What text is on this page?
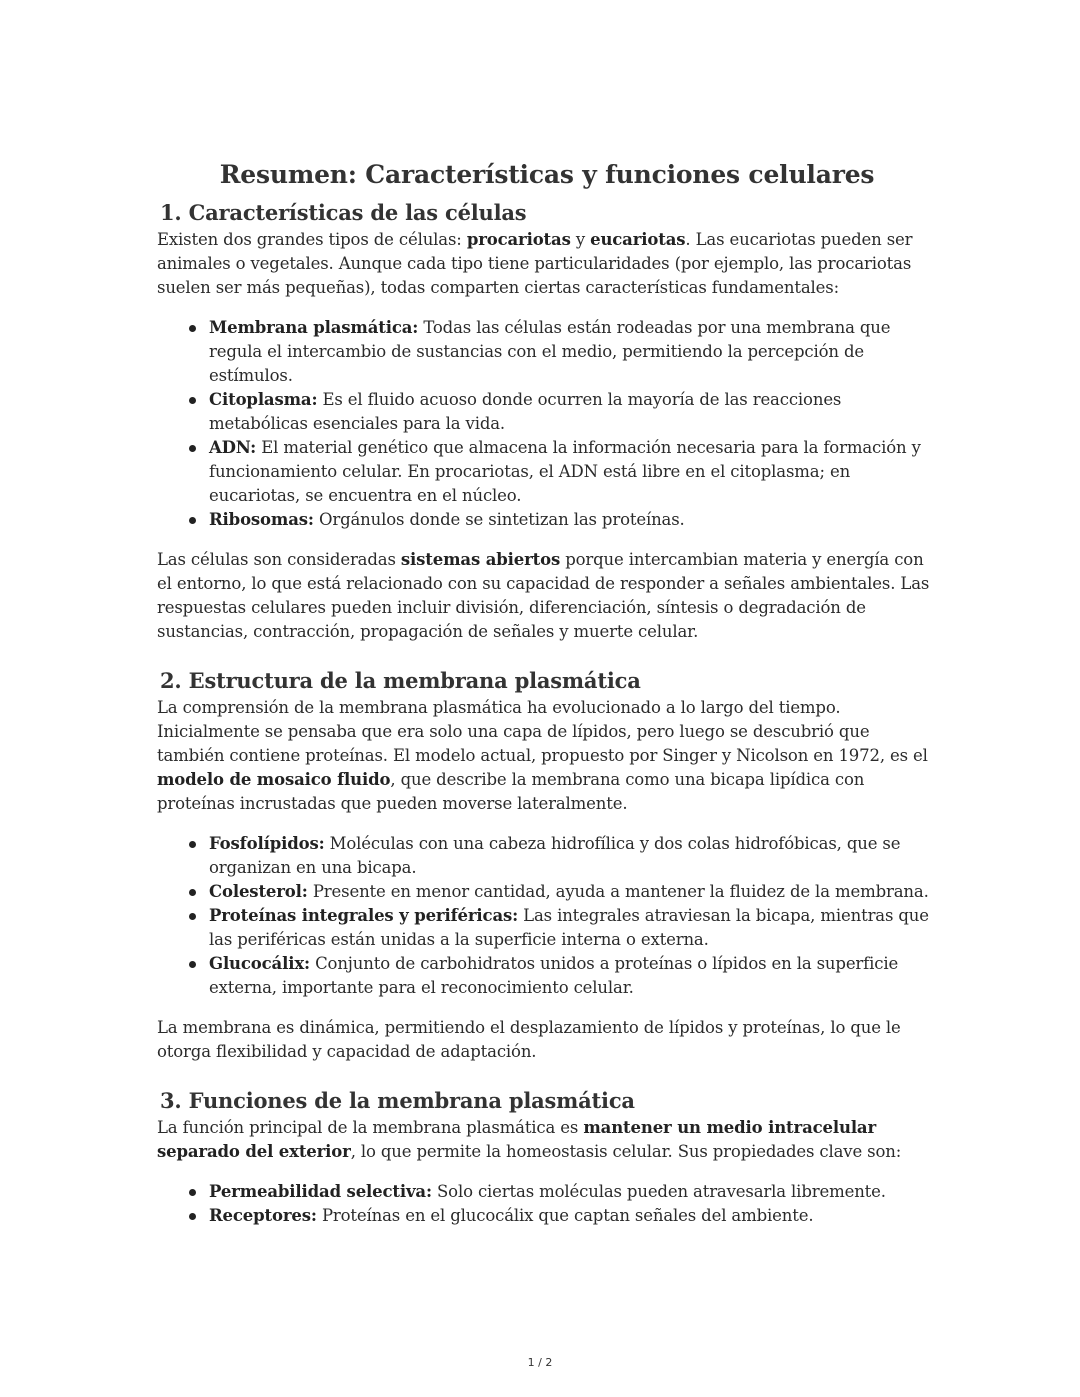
Resumen: Características y funciones celulares
1. Características de las células

Existen dos grandes tipos de células: procariotas y eucariotas. Las eucariotas pueden ser animales o vegetales. Aunque cada tipo tiene particularidades (por ejemplo, las procariotas suelen ser más pequeñas), todas comparten ciertas características fundamentales:

Membrana plasmática: Todas las células están rodeadas por una membrana que regula el intercambio de sustancias con el medio, permitiendo la percepción de estímulos.
Citoplasma: Es el fluido acuoso donde ocurren la mayoría de las reacciones metabólicas esenciales para la vida.
ADN: El material genético que almacena la información necesaria para la formación y funcionamiento celular. En procariotas, el ADN está libre en el citoplasma; en eucariotas, se encuentra en el núcleo.
Ribosomas: Orgánulos donde se sintetizan las proteínas.

Las células son consideradas sistemas abiertos porque intercambian materia y energía con el entorno, lo que está relacionado con su capacidad de responder a señales ambientales. Las respuestas celulares pueden incluir división, diferenciación, síntesis o degradación de sustancias, contracción, propagación de señales y muerte celular.

2. Estructura de la membrana plasmática

La comprensión de la membrana plasmática ha evolucionado a lo largo del tiempo. Inicialmente se pensaba que era solo una capa de lípidos, pero luego se descubrió que también contiene proteínas. El modelo actual, propuesto por Singer y Nicolson en 1972, es el modelo de mosaico fluido, que describe la membrana como una bicapa lipídica con proteínas incrustadas que pueden moverse lateralmente.

Fosfolípidos: Moléculas con una cabeza hidrofílica y dos colas hidrofóbicas, que se organizan en una bicapa.
Colesterol: Presente en menor cantidad, ayuda a mantener la fluidez de la membrana.
Proteínas integrales y periféricas: Las integrales atraviesan la bicapa, mientras que las periféricas están unidas a la superficie interna o externa.
Glucocálix: Conjunto de carbohidratos unidos a proteínas o lípidos en la superficie externa, importante para el reconocimiento celular.

La membrana es dinámica, permitiendo el desplazamiento de lípidos y proteínas, lo que le otorga flexibilidad y capacidad de adaptación.

3. Funciones de la membrana plasmática

La función principal de la membrana plasmática es mantener un medio intracelular separado del exterior, lo que permite la homeostasis celular. Sus propiedades clave son:

Permeabilidad selectiva: Solo ciertas moléculas pueden atravesarla libremente.
Receptores: Proteínas en el glucocálix que captan señales del ambiente.
1 / 2
